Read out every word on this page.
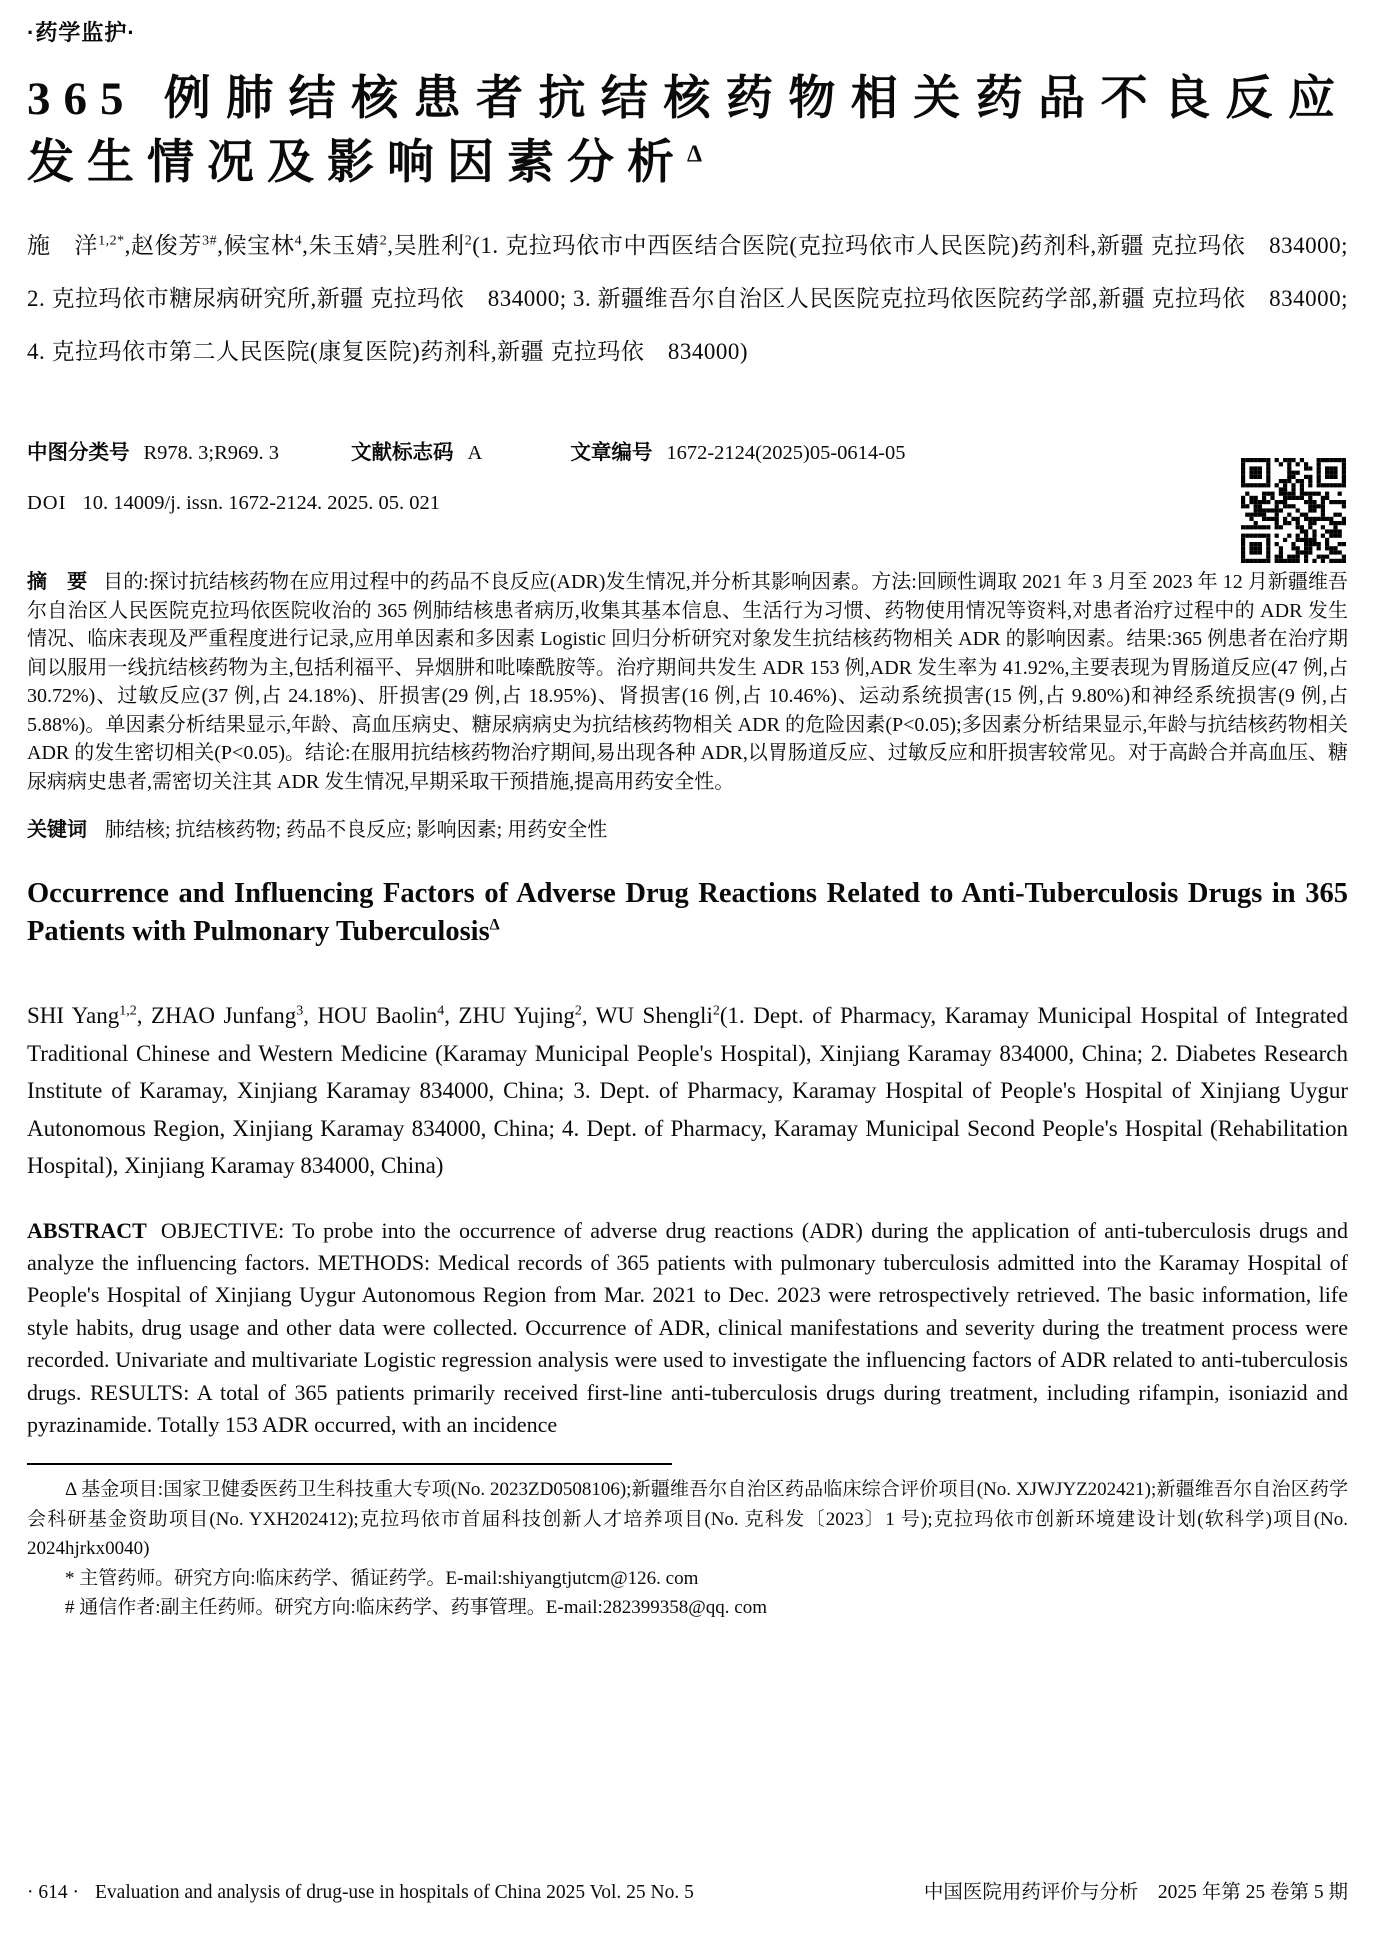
·药学监护·
365 例肺结核患者抗结核药物相关药品不良反应发生情况及影响因素分析$^\Delta$

施　洋$^{1,2*}$,赵俊芳$^{3\#}$,候宝林$^4$,朱玉婧$^2$,吴胜利$^2$(1. 克拉玛依市中西医结合医院(克拉玛依市人民医院)药剂科,新疆 克拉玛依　834000; 2. 克拉玛依市糖尿病研究所,新疆 克拉玛依　834000; 3. 新疆维吾尔自治区人民医院克拉玛依医院药学部,新疆 克拉玛依　834000; 4. 克拉玛依市第二人民医院(康复医院)药剂科,新疆 克拉玛依　834000)

中图分类号 R978. 3;R969. 3	文献标志码 A	文章编号 1672-2124(2025)05-0614-05
DOI 10. 14009/j. issn. 1672-2124. 2025. 05. 021

摘　要 目的:探讨抗结核药物在应用过程中的药品不良反应(ADR)发生情况,并分析其影响因素。方法:回顾性调取 2021 年 3 月至 2023 年 12 月新疆维吾尔自治区人民医院克拉玛依医院收治的 365 例肺结核患者病历,收集其基本信息、生活行为习惯、药物使用情况等资料,对患者治疗过程中的 ADR 发生情况、临床表现及严重程度进行记录,应用单因素和多因素 Logistic 回归分析研究对象发生抗结核药物相关 ADR 的影响因素。结果:365 例患者在治疗期间以服用一线抗结核药物为主,包括利福平、异烟肼和吡嗪酰胺等。治疗期间共发生 ADR 153 例,ADR 发生率为 41.92%,主要表现为胃肠道反应(47 例,占 30.72%)、过敏反应(37 例,占 24.18%)、肝损害(29 例,占 18.95%)、肾损害(16 例,占 10.46%)、运动系统损害(15 例,占 9.80%)和神经系统损害(9 例,占 5.88%)。单因素分析结果显示,年龄、高血压病史、糖尿病病史为抗结核药物相关 ADR 的危险因素(P<0.05);多因素分析结果显示,年龄与抗结核药物相关 ADR 的发生密切相关(P<0.05)。结论:在服用抗结核药物治疗期间,易出现各种 ADR,以胃肠道反应、过敏反应和肝损害较常见。对于高龄合并高血压、糖尿病病史患者,需密切关注其 ADR 发生情况,早期采取干预措施,提高用药安全性。

关键词 肺结核; 抗结核药物; 药品不良反应; 影响因素; 用药安全性

Occurrence and Influencing Factors of Adverse Drug Reactions Related to Anti-Tuberculosis Drugs in 365 Patients with Pulmonary Tuberculosis$^\Delta$

SHI Yang$^{1,2}$, ZHAO Junfang$^3$, HOU Baolin$^4$, ZHU Yujing$^2$, WU Shengli$^2$(1. Dept. of Pharmacy, Karamay Municipal Hospital of Integrated Traditional Chinese and Western Medicine (Karamay Municipal People's Hospital), Xinjiang Karamay 834000, China; 2. Diabetes Research Institute of Karamay, Xinjiang Karamay 834000, China; 3. Dept. of Pharmacy, Karamay Hospital of People's Hospital of Xinjiang Uygur Autonomous Region, Xinjiang Karamay 834000, China; 4. Dept. of Pharmacy, Karamay Municipal Second People's Hospital (Rehabilitation Hospital), Xinjiang Karamay 834000, China)

ABSTRACT OBJECTIVE: To probe into the occurrence of adverse drug reactions (ADR) during the application of anti-tuberculosis drugs and analyze the influencing factors. METHODS: Medical records of 365 patients with pulmonary tuberculosis admitted into the Karamay Hospital of People's Hospital of Xinjiang Uygur Autonomous Region from Mar. 2021 to Dec. 2023 were retrospectively retrieved. The basic information, life style habits, drug usage and other data were collected. Occurrence of ADR, clinical manifestations and severity during the treatment process were recorded. Univariate and multivariate Logistic regression analysis were used to investigate the influencing factors of ADR related to anti-tuberculosis drugs. RESULTS: A total of 365 patients primarily received first-line anti-tuberculosis drugs during treatment, including rifampin, isoniazid and pyrazinamide. Totally 153 ADR occurred, with an incidence

Δ 基金项目:国家卫健委医药卫生科技重大专项(No. 2023ZD0508106);新疆维吾尔自治区药品临床综合评价项目(No. XJWJYZ202421);新疆维吾尔自治区药学会科研基金资助项目(No. YXH202412);克拉玛依市首届科技创新人才培养项目(No. 克科发〔2023〕1 号);克拉玛依市创新环境建设计划(软科学)项目(No. 2024hjrkx0040)

* 主管药师。研究方向:临床药学、循证药学。E-mail:shiyangtjutcm@126. com

# 通信作者:副主任药师。研究方向:临床药学、药事管理。E-mail:282399358@qq. com

· 614 · Evaluation and analysis of drug-use in hospitals of China 2025 Vol. 25 No. 5	中国医院用药评价与分析　2025 年第 25 卷第 5 期
